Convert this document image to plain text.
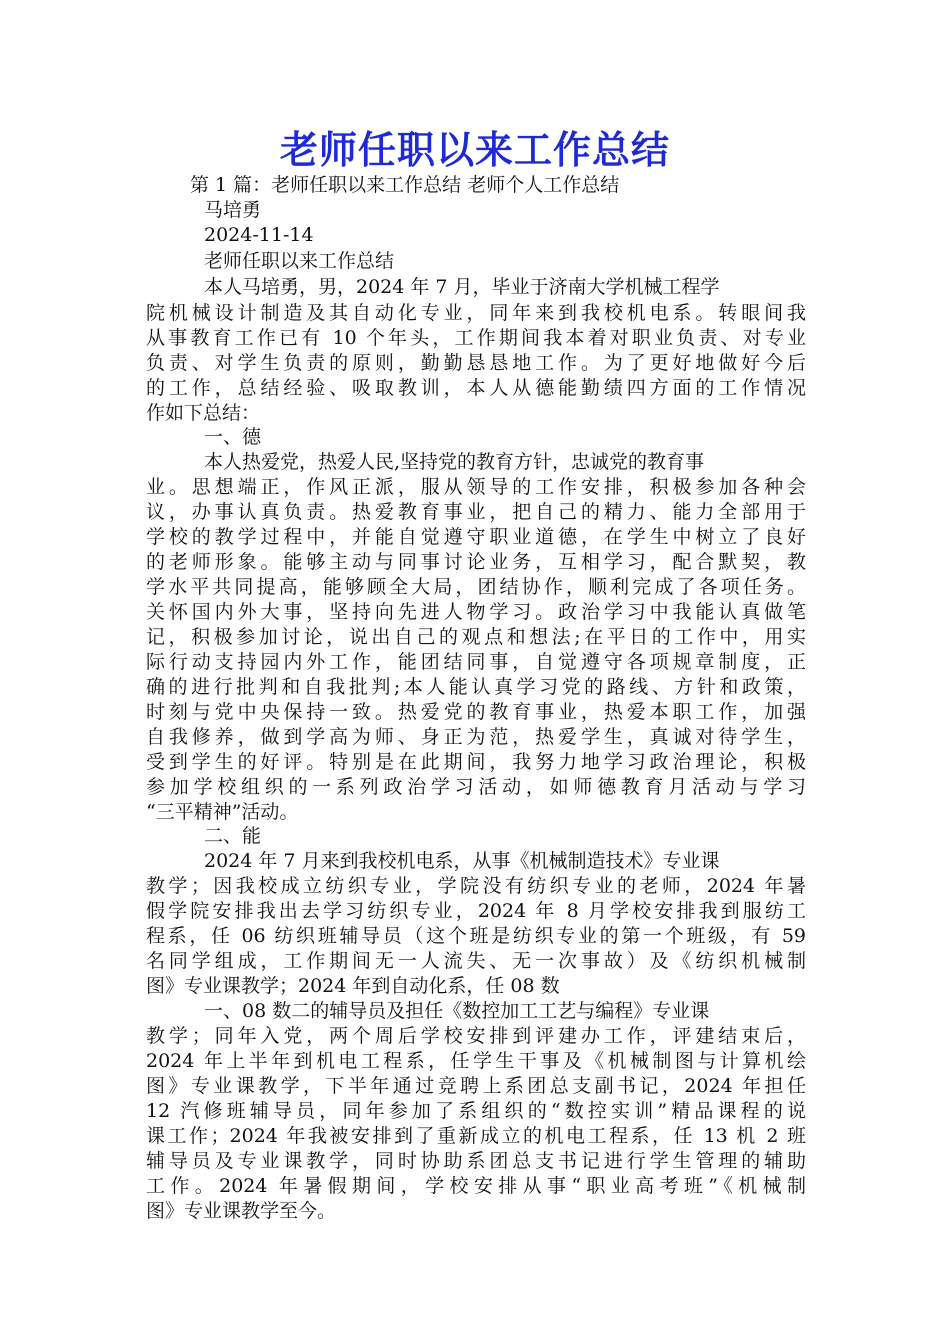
老师任职以来工作总结
第 1 篇：老师任职以来工作总结 老师个人工作总结
马培勇
2024-11-14
老师任职以来工作总结
本人马培勇，男，2024 年 7 月，毕业于济南大学机械工程学
院机械设计制造及其自动化专业，同年来到我校机电系。转眼间我
从事教育工作已有 10 个年头，工作期间我本着对职业负责、对专业
负责、对学生负责的原则，勤勤恳恳地工作。为了更好地做好今后
的工作，总结经验、吸取教训，本人从德能勤绩四方面的工作情况
作如下总结：
一、德
本人热爱党，热爱人民,坚持党的教育方针，忠诚党的教育事
业。思想端正，作风正派，服从领导的工作安排，积极参加各种会
议，办事认真负责。热爱教育事业，把自己的精力、能力全部用于
学校的教学过程中，并能自觉遵守职业道德，在学生中树立了良好
的老师形象。能够主动与同事讨论业务，互相学习，配合默契，教
学水平共同提高，能够顾全大局，团结协作，顺利完成了各项任务。
关怀国内外大事，坚持向先进人物学习。政治学习中我能认真做笔
记，积极参加讨论，说出自己的观点和想法;在平日的工作中，用实
际行动支持园内外工作，能团结同事，自觉遵守各项规章制度，正
确的进行批判和自我批判;本人能认真学习党的路线、方针和政策，
时刻与党中央保持一致。热爱党的教育事业，热爱本职工作，加强
自我修养，做到学高为师、身正为范，热爱学生，真诚对待学生，
受到学生的好评。特别是在此期间，我努力地学习政治理论，积极
参加学校组织的一系列政治学习活动，如师德教育月活动与学习
“三平精神”活动。
二、能
2024 年 7 月来到我校机电系，从事《机械制造技术》专业课
教学；因我校成立纺织专业，学院没有纺织专业的老师，2024 年暑
假学院安排我出去学习纺织专业，2024 年 8 月学校安排我到服纺工
程系，任 06 纺织班辅导员（这个班是纺织专业的第一个班级，有 59
名同学组成，工作期间无一人流失、无一次事故）及《纺织机械制
图》专业课教学；2024 年到自动化系，任 08 数
一、08 数二的辅导员及担任《数控加工工艺与编程》专业课
教学；同年入党，两个周后学校安排到评建办工作，评建结束后，
2024 年上半年到机电工程系，任学生干事及《机械制图与计算机绘
图》专业课教学，下半年通过竞聘上系团总支副书记，2024 年担任
12 汽修班辅导员，同年参加了系组织的“数控实训”精品课程的说
课工作；2024 年我被安排到了重新成立的机电工程系，任 13 机 2 班
辅导员及专业课教学，同时协助系团总支书记进行学生管理的辅助
工作。2024 年暑假期间，学校安排从事“职业高考班”《机械制
图》专业课教学至今。
